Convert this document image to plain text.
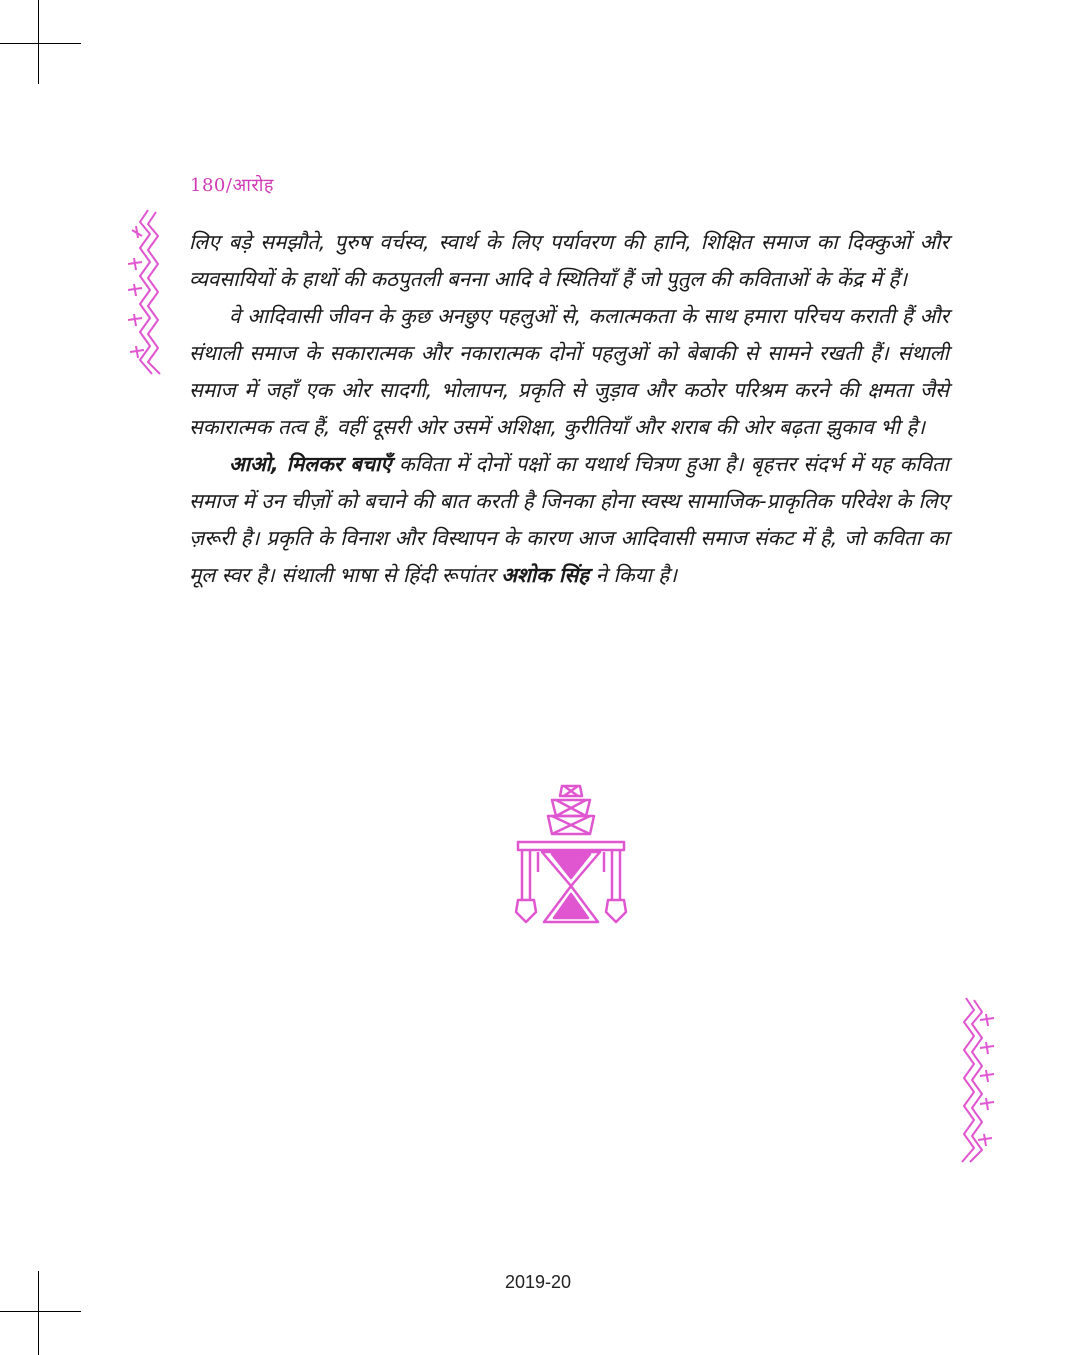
180/आरोह

लिए बड़े समझौते, पुरुष वर्चस्व, स्वार्थ के लिए पर्यावरण की हानि, शिक्षित समाज का दिक्कुओं और व्यवसायियों के हाथों की कठपुतली बनना आदि वे स्थितियाँ हैं जो पुतुल की कविताओं के केंद्र में हैं।

वे आदिवासी जीवन के कुछ अनछुए पहलुओं से, कलात्मकता के साथ हमारा परिचय कराती हैं और संथाली समाज के सकारात्मक और नकारात्मक दोनों पहलुओं को बेबाकी से सामने रखती हैं। संथाली समाज में जहाँ एक ओर सादगी, भोलापन, प्रकृति से जुड़ाव और कठोर परिश्रम करने की क्षमता जैसे सकारात्मक तत्व हैं, वहीं दूसरी ओर उसमें अशिक्षा, कुरीतियाँ और शराब की ओर बढ़ता झुकाव भी है।

आओ, मिलकर बचाएँ कविता में दोनों पक्षों का यथार्थ चित्रण हुआ है। बृहत्तर संदर्भ में यह कविता समाज में उन चीज़ों को बचाने की बात करती है जिनका होना स्वस्थ सामाजिक-प्राकृतिक परिवेश के लिए ज़रूरी है। प्रकृति के विनाश और विस्थापन के कारण आज आदिवासी समाज संकट में है, जो कविता का मूल स्वर है। संथाली भाषा से हिंदी रूपांतर अशोक सिंह ने किया है।

2019-20
